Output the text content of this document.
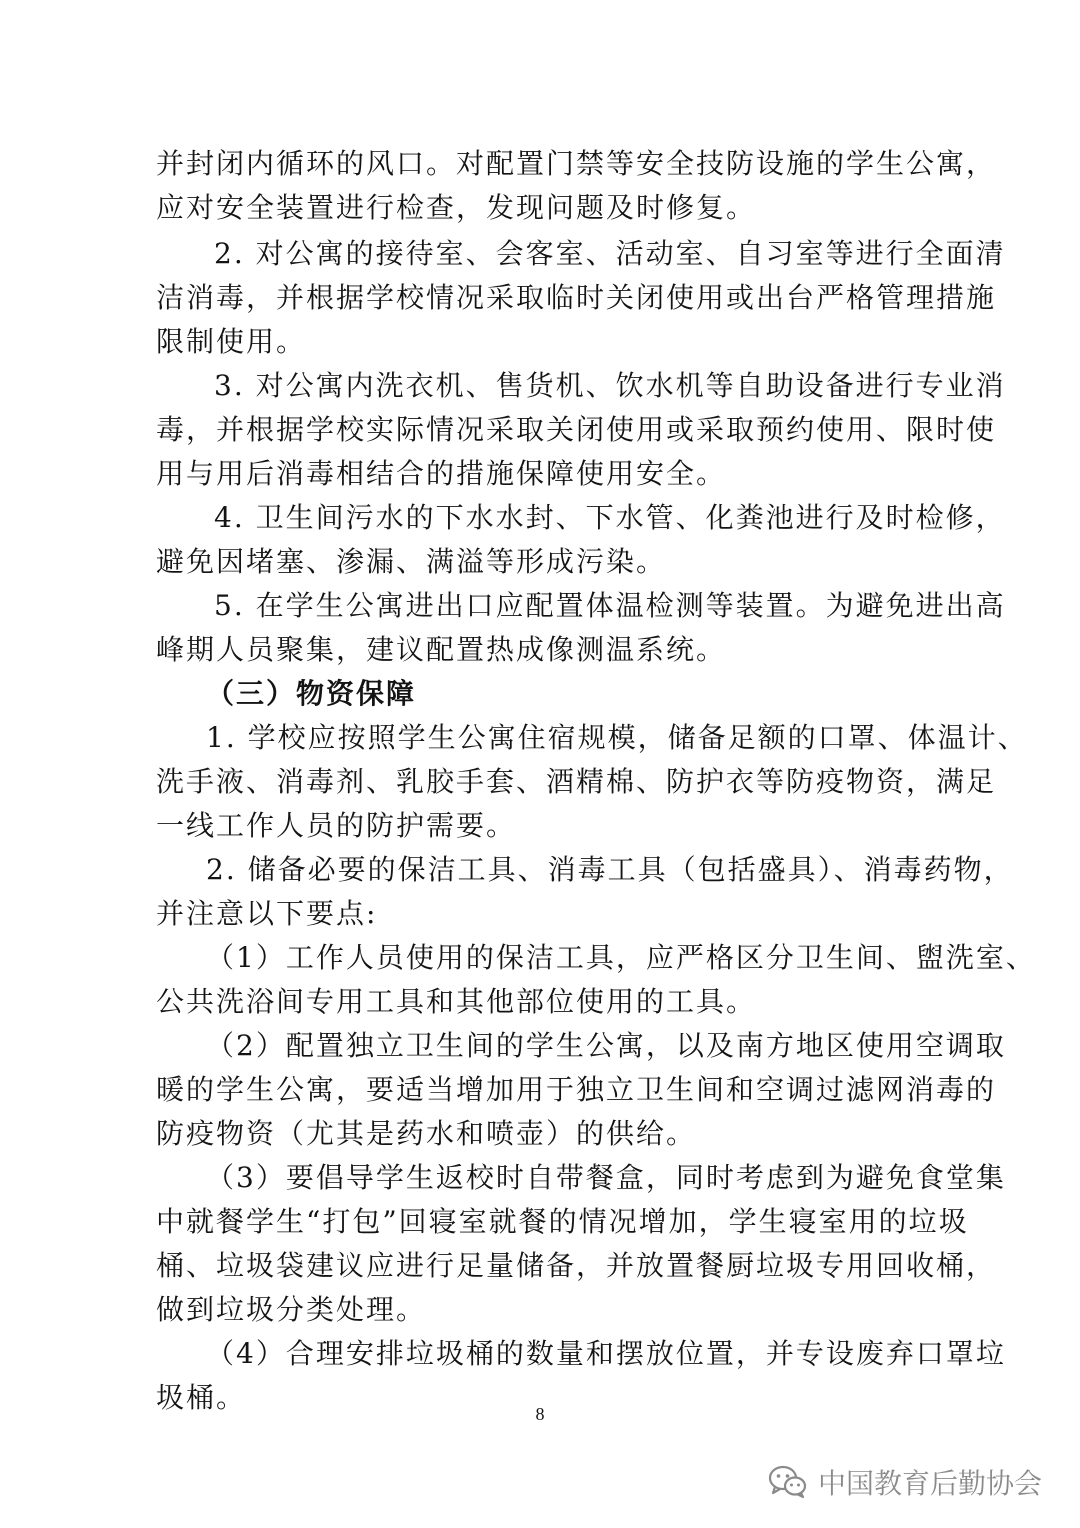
并封闭内循环的风口。对配置门禁等安全技防设施的学生公寓，
应对安全装置进行检查，发现问题及时修复。
2. 对公寓的接待室、会客室、活动室、自习室等进行全面清
洁消毒，并根据学校情况采取临时关闭使用或出台严格管理措施
限制使用。
3. 对公寓内洗衣机、售货机、饮水机等自助设备进行专业消
毒，并根据学校实际情况采取关闭使用或采取预约使用、限时使
用与用后消毒相结合的措施保障使用安全。
4. 卫生间污水的下水水封、下水管、化粪池进行及时检修，
避免因堵塞、渗漏、满溢等形成污染。
5. 在学生公寓进出口应配置体温检测等装置。为避免进出高
峰期人员聚集，建议配置热成像测温系统。
（三）物资保障
1. 学校应按照学生公寓住宿规模，储备足额的口罩、体温计、
洗手液、消毒剂、乳胶手套、酒精棉、防护衣等防疫物资，满足
一线工作人员的防护需要。
2. 储备必要的保洁工具、消毒工具（包括盛具）、消毒药物，
并注意以下要点:
（1）工作人员使用的保洁工具，应严格区分卫生间、盥洗室、
公共洗浴间专用工具和其他部位使用的工具。
（2）配置独立卫生间的学生公寓，以及南方地区使用空调取
暖的学生公寓，要适当增加用于独立卫生间和空调过滤网消毒的
防疫物资（尤其是药水和喷壶）的供给。
（3）要倡导学生返校时自带餐盒，同时考虑到为避免食堂集
中就餐学生“打包”回寝室就餐的情况增加，学生寝室用的垃圾
桶、垃圾袋建议应进行足量储备，并放置餐厨垃圾专用回收桶，
做到垃圾分类处理。
（4）合理安排垃圾桶的数量和摆放位置，并专设废弃口罩垃
圾桶。	8
中国教育后勤协会
